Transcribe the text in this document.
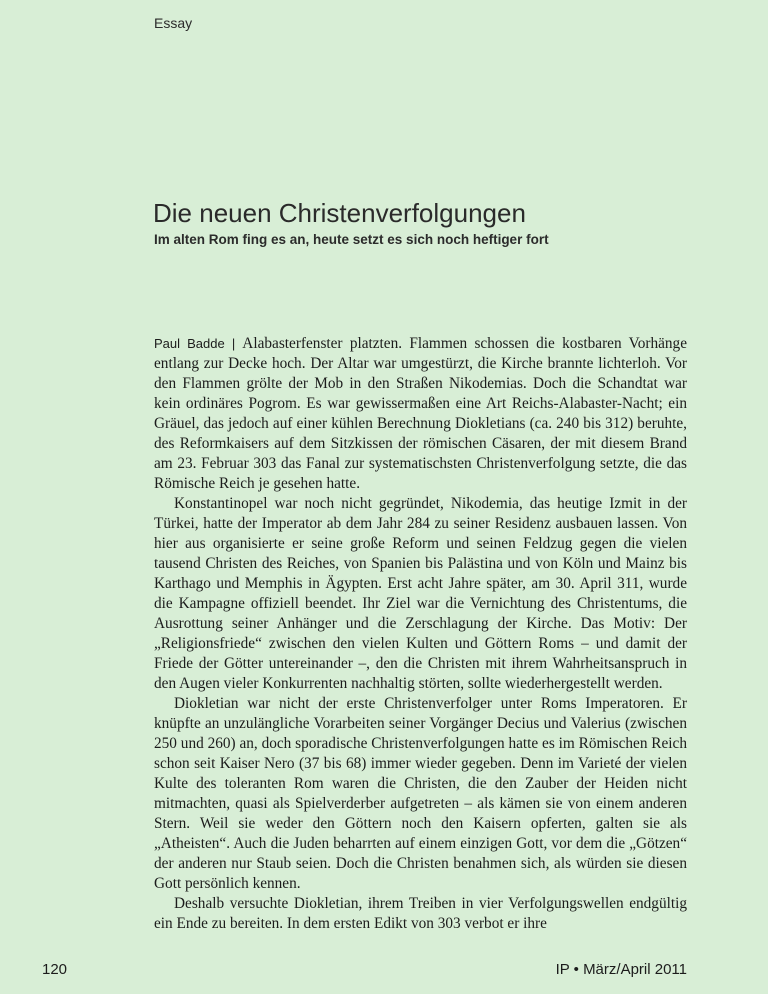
Essay
Die neuen Christenverfolgungen
Im alten Rom fing es an, heute setzt es sich noch heftiger fort

Paul Badde | Alabasterfenster platzten. Flammen schossen die kostbaren Vorhänge entlang zur Decke hoch. Der Altar war umgestürzt, die Kirche brannte lichterloh. Vor den Flammen grölte der Mob in den Straßen Nikodemias. Doch die Schandtat war kein ordinäres Pogrom. Es war gewissermaßen eine Art Reichs-Alabaster-Nacht; ein Gräuel, das jedoch auf einer kühlen Berechnung Diokletians (ca. 240 bis 312) beruhte, des Reformkaisers auf dem Sitzkissen der römischen Cäsaren, der mit diesem Brand am 23. Februar 303 das Fanal zur systematischsten Christenverfolgung setzte, die das Römische Reich je gesehen hatte.

Konstantinopel war noch nicht gegründet, Nikodemia, das heutige Izmit in der Türkei, hatte der Imperator ab dem Jahr 284 zu seiner Residenz ausbauen lassen. Von hier aus organisierte er seine große Reform und seinen Feldzug gegen die vielen tausend Christen des Reiches, von Spanien bis Palästina und von Köln und Mainz bis Karthago und Memphis in Ägypten. Erst acht Jahre später, am 30. April 311, wurde die Kampagne offiziell beendet. Ihr Ziel war die Vernichtung des Christentums, die Ausrottung seiner Anhänger und die Zerschlagung der Kirche. Das Motiv: Der „Religionsfriede“ zwischen den vielen Kulten und Göttern Roms – und damit der Friede der Götter untereinander –, den die Christen mit ihrem Wahrheitsanspruch in den Augen vieler Konkurrenten nachhaltig störten, sollte wiederhergestellt werden.

Diokletian war nicht der erste Christenverfolger unter Roms Imperatoren. Er knüpfte an unzulängliche Vorarbeiten seiner Vorgänger Decius und Valerius (zwischen 250 und 260) an, doch sporadische Christenverfolgungen hatte es im Römischen Reich schon seit Kaiser Nero (37 bis 68) immer wieder gegeben. Denn im Varieté der vielen Kulte des toleranten Rom waren die Christen, die den Zauber der Heiden nicht mitmachten, quasi als Spielverderber aufgetreten – als kämen sie von einem anderen Stern. Weil sie weder den Göttern noch den Kaisern opferten, galten sie als „Atheisten“. Auch die Juden beharrten auf einem einzigen Gott, vor dem die „Götzen“ der anderen nur Staub seien. Doch die Christen benahmen sich, als würden sie diesen Gott persönlich kennen.

Deshalb versuchte Diokletian, ihrem Treiben in vier Verfolgungswellen endgültig ein Ende zu bereiten. In dem ersten Edikt von 303 verbot er ihre

120	IP • März/April 2011
